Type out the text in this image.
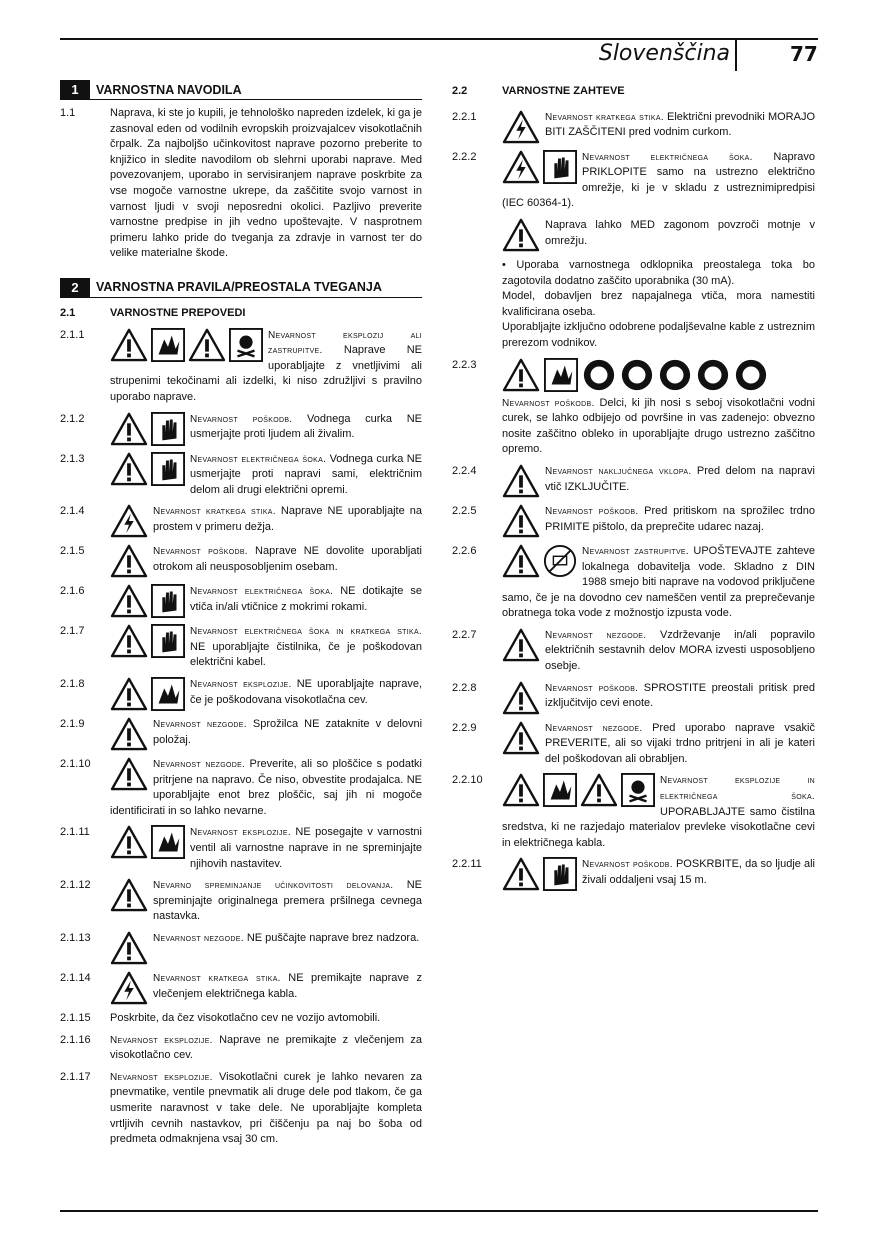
Slovenščina	77
1	VARNOSTNA NAVODILA
1.1	Naprava, ki ste jo kupili, je tehnološko napreden izdelek, ki ga je zasnoval eden od vodilnih evropskih proizvajalcev visokotlačnih črpalk. Za najboljšo učinkovitost naprave pozorno preberite to knjižico in sledite navodilom ob slehrni uporabi naprave. Med povezovanjem, uporabo in servisiranjem naprave poskrbite za vse mogoče varnostne ukrepe, da zaščitite svojo varnost in varnost ljudi v svoji neposredni okolici. Pazljivo preverite varnostne predpise in jih vedno upoštevajte. V nasprotnem primeru lahko pride do tveganja za zdravje in varnost ter do velike materialne škode.
2	VARNOSTNA PRAVILA/PREOSTALA TVEGANJA
2.1	VARNOSTNE PREPOVEDI
2.1.1	Nevarnost eksplozij ali zastrupitve. Naprave NE uporabljajte z vnetljivimi ali strupenimi tekočinami ali izdelki, ki niso združljivi s pravilno uporabo naprave.
2.1.2	Nevarnost poškodb. Vodnega curka NE usmerjajte proti ljudem ali živalim.
2.1.3	Nevarnost električnega šoka. Vodnega curka NE usmerjajte proti napravi sami, električnim delom ali drugi električni opremi.
2.1.4	Nevarnost kratkega stika. Naprave NE uporabljajte na prostem v primeru dežja.
2.1.5	Nevarnost poškodb. Naprave NE dovolite uporabljati otrokom ali neusposobljenim osebam.
2.1.6	Nevarnost električnega šoka. NE dotikajte se vtiča in/ali vtičnice z mokrimi rokami.
2.1.7	Nevarnost električnega šoka in kratkega stika. NE uporabljajte čistilnika, če je poškodovan električni kabel.
2.1.8	Nevarnost eksplozije. NE uporabljajte naprave, če je poškodovana visokotlačna cev.
2.1.9	Nevarnost nezgode. Sprožilca NE zataknite v delovni položaj.
2.1.10	Nevarnost nezgode. Preverite, ali so ploščice s podatki pritrjene na napravo. Če niso, obvestite prodajalca. NE uporabljajte enot brez ploščic, saj jih ni mogoče identificirati in so lahko nevarne.
2.1.11	Nevarnost eksplozije. NE posegajte v varnostni ventil ali varnostne naprave in ne spreminjajte njihovih nastavitev.
2.1.12	Nevarno spreminjanje učinkovitosti delovanja. NE spreminjajte originalnega premera pršilnega cevnega nastavka.
2.1.13	Nevarnost nezgode. NE puščajte naprave brez nadzora.
2.1.14	Nevarnost kratkega stika. NE premikajte naprave z vlečenjem električnega kabla.
2.1.15	Poskrbite, da čez visokotlačno cev ne vozijo avtomobili.
2.1.16	Nevarnost eksplozije. Naprave ne premikajte z vlečenjem za visokotlačno cev.
2.1.17	Nevarnost eksplozije. Visokotlačni curek je lahko nevaren za pnevmatike, ventile pnevmatik ali druge dele pod tlakom, če ga usmerite naravnost v take dele. Ne uporabljajte kompleta vrtljivih cevnih nastavkov, pri čiščenju pa naj bo šoba od predmeta odmaknjena vsaj 30 cm.
2.2	VARNOSTNE ZAHTEVE
2.2.1	Nevarnost kratkega stika. Električni prevodniki MORAJO BITI ZAŠČITENI pred vodnim curkom.
2.2.2	Nevarnost električnega šoka. Napravo PRIKLOPITE samo na ustrezno električno omrežje, ki je v skladu z ustreznimipredpisi (IEC 60364-1).
Naprava lahko MED zagonom povzroči motnje v omrežju.
• Uporaba varnostnega odklopnika preostalega toka bo zagotovila dodatno zaščito uporabnika (30 mA).
Model, dobavljen brez napajalnega vtiča, mora namestiti kvalificirana oseba.
Uporabljajte izključno odobrene podaljševalne kable z ustreznim prerezom vodnikov.
2.2.3
Nevarnost poškodb. Delci, ki jih nosi s seboj visokotlačni vodni curek, se lahko odbijejo od površine in vas zadenejo: obvezno nosite zaščitno obleko in uporabljajte drugo ustrezno zaščitno opremo.
2.2.4	Nevarnost naključnega vklopa. Pred delom na napravi vtič IZKLJUČITE.
2.2.5	Nevarnost poškodb. Pred pritiskom na sprožilec trdno PRIMITE pištolo, da preprečite udarec nazaj.
2.2.6	Nevarnost zastrupitve. UPOŠTEVAJTE zahteve lokalnega dobavitelja vode. Skladno z DIN 1988 smejo biti naprave na vodovod priključene samo, če je na dovodno cev nameščen ventil za preprečevanje obratnega toka vode z možnostjo izpusta vode.
2.2.7	Nevarnost nezgode. Vzdrževanje in/ali popravilo električnih sestavnih delov MORA izvesti usposobljeno osebje.
2.2.8	Nevarnost poškodb. SPROSTITE preostali pritisk pred izključitvijo cevi enote.
2.2.9	Nevarnost nezgode. Pred uporabo naprave vsakič PREVERITE, ali so vijaki trdno pritrjeni in ali je kateri del poškodovan ali obrabljen.
2.2.10	Nevarnost eksplozije in električnega šoka. UPORABLJAJTE samo čistilna sredstva, ki ne razjedajo materialov prevleke visokotlačne cevi in električnega kabla.
2.2.11	Nevarnost poškodb. POSKRBITE, da so ljudje ali živali oddaljeni vsaj 15 m.
